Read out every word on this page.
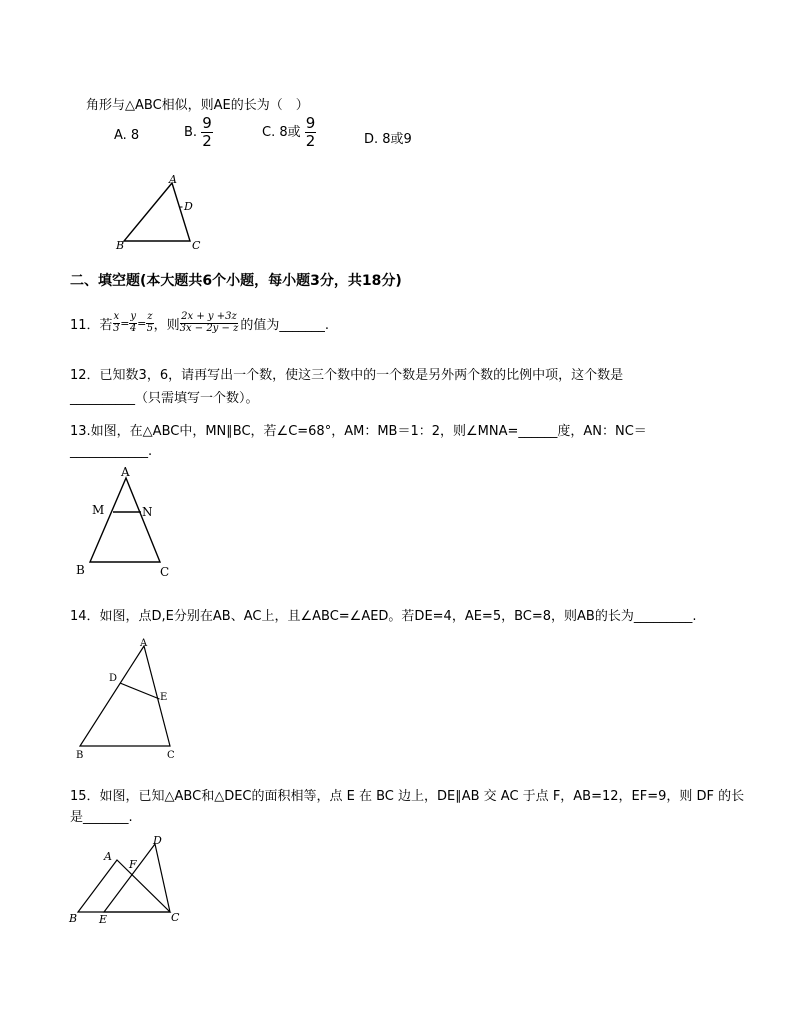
角形与△ABC相似，则AE的长为（　）
A. 8	B. $\frac{9}{2}$	C. 8或 $\frac{9}{2}$	D. 8或9
A
D
B	C
二、填空题(本大题共6个小题，每小题3分，共18分)
11．若 $\frac{x}{3} = \frac{y}{4} = \frac{z}{5}$ ，则 $\frac{2x + y +3z}{3x - 2y - z}$ 的值为_______.
12．已知数3，6，请再写出一个数，使这三个数中的一个数是另外两个数的比例中项，这个数是
__________（只需填写一个数）。
13.如图，在△ABC中，MN∥BC，若∠C=68°，AM：MB＝1：2，则∠MNA=______度，AN：NC＝
____________.
A
M	N
B	C
14．如图，点D,E分别在AB、AC上，且∠ABC=∠AED。若DE=4，AE=5，BC=8，则AB的长为_________.
A
D
E
B	C
15．如图，已知△ABC和△DEC的面积相等，点 E 在 BC 边上，DE∥AB 交 AC 于点 F，AB=12，EF=9，则 DF 的长
是_______.
D
A
F
B E	C
